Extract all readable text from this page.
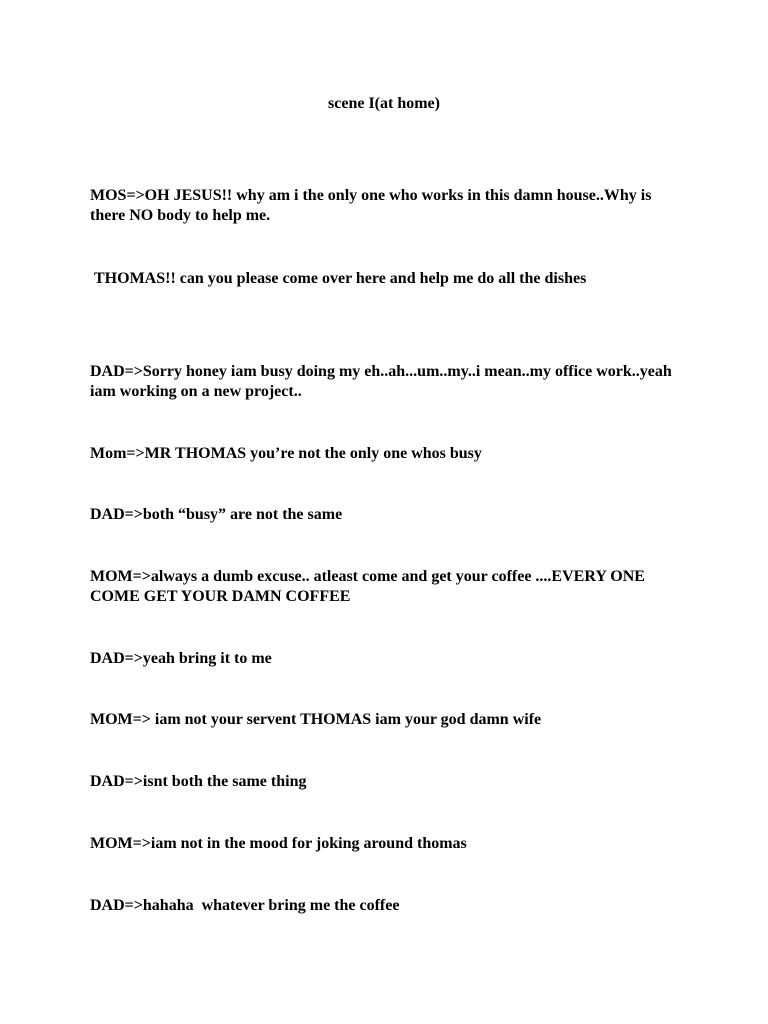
scene I(at home)
MOS=>OH JESUS!! why am i the only one who works in this damn house..Why is there NO body to help me.
THOMAS!! can you please come over here and help me do all the dishes
DAD=>Sorry honey iam busy doing my eh..ah...um..my..i mean..my office work..yeah iam working on a new project..
Mom=>MR THOMAS you’re not the only one whos busy
DAD=>both “busy” are not the same
MOM=>always a dumb excuse.. atleast come and get your coffee ....EVERY ONE COME GET YOUR DAMN COFFEE
DAD=>yeah bring it to me
MOM=> iam not your servent THOMAS iam your god damn wife
DAD=>isnt both the same thing
MOM=>iam not in the mood for joking around thomas
DAD=>hahaha  whatever bring me the coffee
